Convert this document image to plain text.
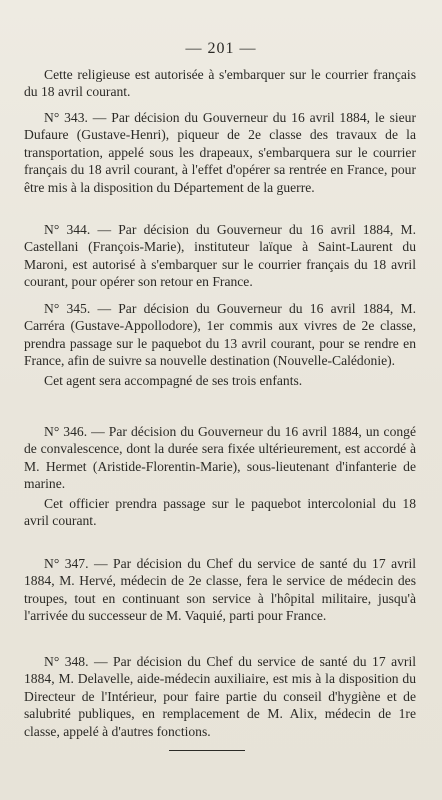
— 201 —

Cette religieuse est autorisée à s'embarquer sur le courrier français du 18 avril courant.

N° 343. — Par décision du Gouverneur du 16 avril 1884, le sieur Dufaure (Gustave-Henri), piqueur de 2e classe des travaux de la transportation, appelé sous les drapeaux, s'embarquera sur le courrier français du 18 avril courant, à l'effet d'opérer sa rentrée en France, pour être mis à la disposition du Département de la guerre.

N° 344. — Par décision du Gouverneur du 16 avril 1884, M. Castellani (François-Marie), instituteur laïque à Saint-Laurent du Maroni, est autorisé à s'embarquer sur le courrier français du 18 avril courant, pour opérer son retour en France.

N° 345. — Par décision du Gouverneur du 16 avril 1884, M. Carréra (Gustave-Appollodore), 1er commis aux vivres de 2e classe, prendra passage sur le paquebot du 13 avril courant, pour se rendre en France, afin de suivre sa nouvelle destination (Nouvelle-Calédonie).

Cet agent sera accompagné de ses trois enfants.

N° 346. — Par décision du Gouverneur du 16 avril 1884, un congé de convalescence, dont la durée sera fixée ultérieurement, est accordé à M. Hermet (Aristide-Florentin-Marie), sous-lieutenant d'infanterie de marine.

Cet officier prendra passage sur le paquebot intercolonial du 18 avril courant.

N° 347. — Par décision du Chef du service de santé du 17 avril 1884, M. Hervé, médecin de 2e classe, fera le service de médecin des troupes, tout en continuant son service à l'hôpital militaire, jusqu'à l'arrivée du successeur de M. Vaquié, parti pour France.

N° 348. — Par décision du Chef du service de santé du 17 avril 1884, M. Delavelle, aide-médecin auxiliaire, est mis à la disposition du Directeur de l'Intérieur, pour faire partie du conseil d'hygiène et de salubrité publiques, en remplacement de M. Alix, médecin de 1re classe, appelé à d'autres fonctions.
